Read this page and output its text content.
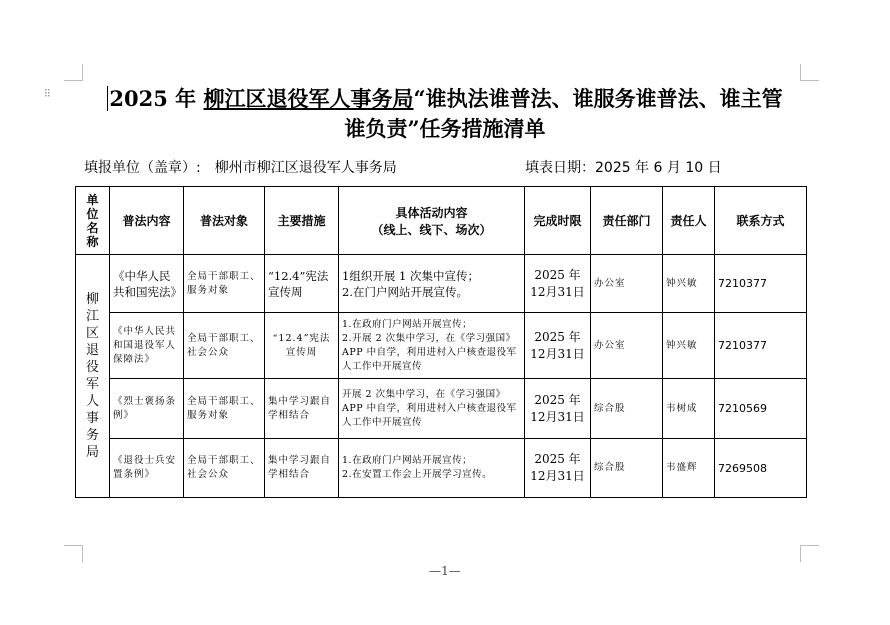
⁝⁝	2025 年 柳江区退役军人事务局“谁执法谁普法、谁服务谁普法、谁主管
谁负责”任务措施清单
填报单位（盖章）: 柳州市柳江区退役军人事务局	填表日期：2025 年 6 月 10 日
单位名称	普法内容	普法对象	主要措施	具体活动内容
（线上、线下、场次）	完成时限	责任部门	责任人	联系方式

柳江区退役军人事务局	《中华人民共和国宪法》	全局干部职工、服务对象	“12.4”宪法宣传周	1组织开展 1 次集中宣传；
2.在门户网站开展宣传。	2025 年
12月31日	办公室	钟兴敏	7210377
	《中华人民共和国退役军人保障法》	全局干部职工、社会公众	“12.4”宪法宣传周	1.在政府门户网站开展宣传；
2.开展 2 次集中学习，在《学习强国》APP 中自学，利用进村入户核查退役军人工作中开展宣传	2025 年
12月31日	办公室	钟兴敏	7210377
	《烈士褒扬条例》	全局干部职工、服务对象	集中学习跟自学相结合	开展 2 次集中学习，在《学习强国》APP 中自学，利用进村入户核查退役军人工作中开展宣传	2025 年
12月31日	综合股	韦树成	7210569
	《退役士兵安置条例》	全局干部职工、社会公众	集中学习跟自学相结合	1.在政府门户网站开展宣传；
2.在安置工作会上开展学习宣传。	2025 年
12月31日	综合股	韦盛辉	7269508
—1—
